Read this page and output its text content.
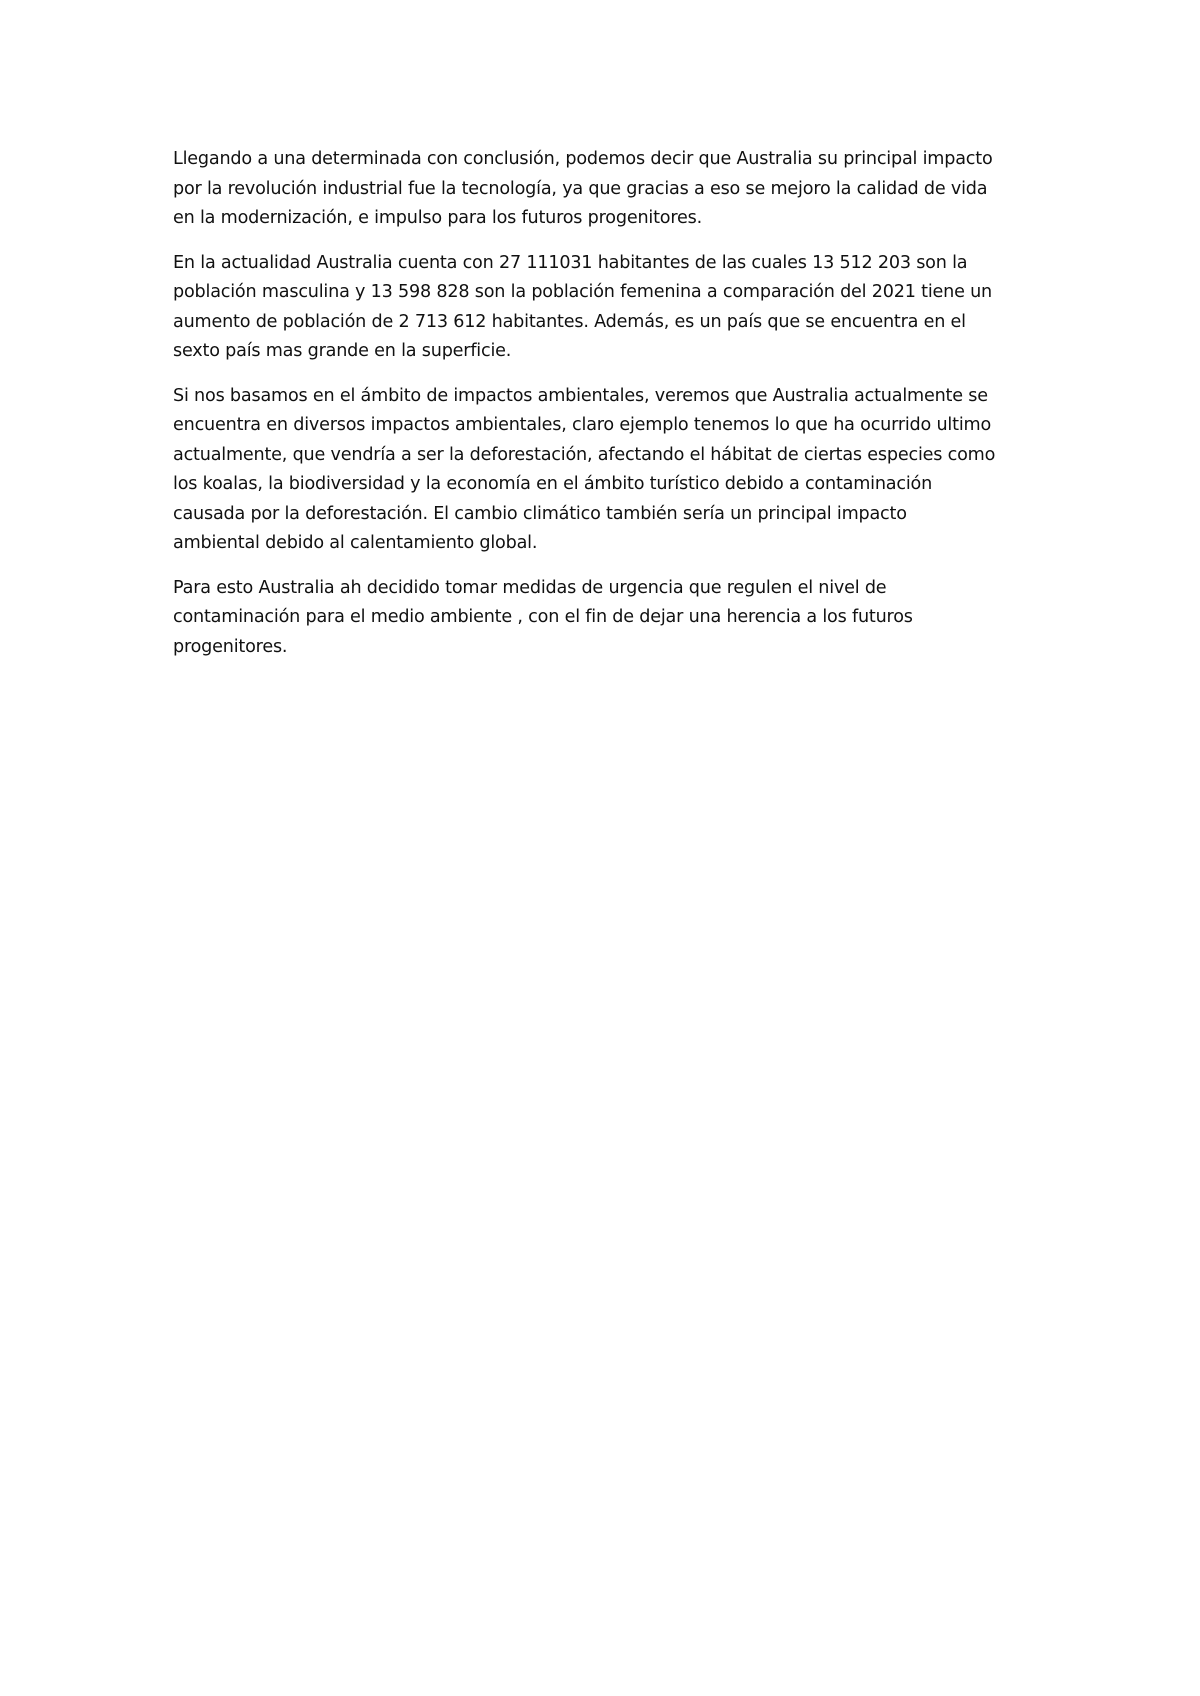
Llegando a una determinada con conclusión, podemos decir que Australia su principal impacto
por la revolución industrial fue la tecnología, ya que gracias a eso se mejoro la calidad de vida
en la modernización, e impulso para los futuros progenitores.

En la actualidad Australia cuenta con 27 111031 habitantes de las cuales 13 512 203 son la
población masculina y 13 598 828 son la población femenina a comparación del 2021 tiene un
aumento de población de 2 713 612 habitantes. Además, es un país que se encuentra en el
sexto país mas grande en la superficie.

Si nos basamos en el ámbito de impactos ambientales, veremos que Australia actualmente se
encuentra en diversos impactos ambientales, claro ejemplo tenemos lo que ha ocurrido ultimo
actualmente, que vendría a ser la deforestación, afectando el hábitat de ciertas especies como
los koalas, la biodiversidad y la economía en el ámbito turístico debido a contaminación
causada por la deforestación. El cambio climático también sería un principal impacto
ambiental debido al calentamiento global.

Para esto Australia ah decidido tomar medidas de urgencia que regulen el nivel de
contaminación para el medio ambiente , con el fin de dejar una herencia a los futuros
progenitores.
